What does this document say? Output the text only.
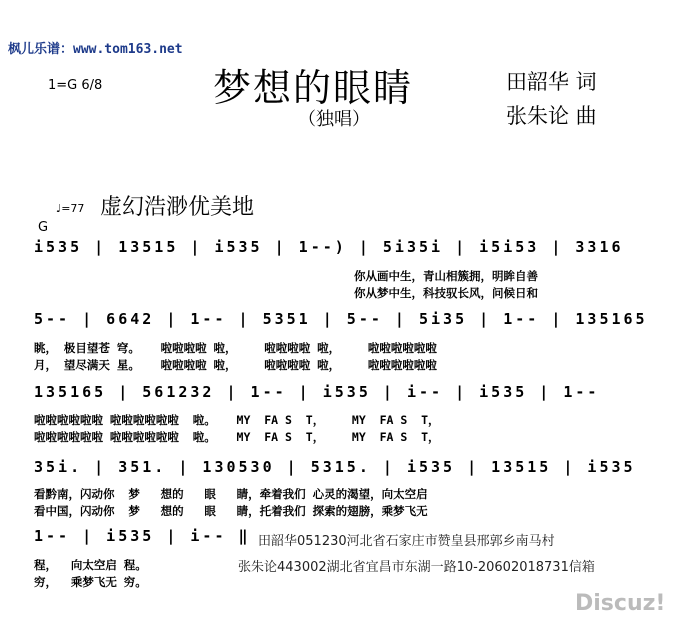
枫儿乐谱：www.tom163.net
1=G 6/8	梦想的眼睛
（独唱）
田韶华 词
张朱论 曲
♩=77 虚幻浩渺优美地
G
i535 | 13515 | i535 | 1--) | 5i35i | i5i53 | 3316
你从画中生，青山相簇拥，明眸自善
你从梦中生，科技驭长风，问候日和
5-- | 6642 | 1-- | 5351 | 5-- | 5i35 | 1-- | 135165
眺， 极目望苍 穹。   啦啦啦啦 啦，    啦啦啦啦 啦，    啦啦啦啦啦啦
月， 望尽满天 星。   啦啦啦啦 啦，    啦啦啦啦 啦，    啦啦啦啦啦啦
135165 | 561232 | 1-- | i535 | i-- | i535 | 1--
啦啦啦啦啦啦 啦啦啦啦啦啦  啦。   MY  FA S  T，    MY  FA S  T，
啦啦啦啦啦啦 啦啦啦啦啦啦  啦。   MY  FA S  T，    MY  FA S  T，
35i. | 351. | 130530 | 5315. | i535 | 13515 | i535
看黔南，闪动你  梦   想的   眼   睛，牵着我们 心灵的渴望，向太空启
看中国，闪动你  梦   想的   眼   睛，托着我们 探索的翅膀，乘梦飞无
1-- | i535 | i-- ‖
程，  向太空启 程。
穷，  乘梦飞无 穷。
田韶华051230河北省石家庄市赞皇县邢郭乡南马村
张朱论443002湖北省宜昌市东湖一路10-20602018731信箱
Discuz!
